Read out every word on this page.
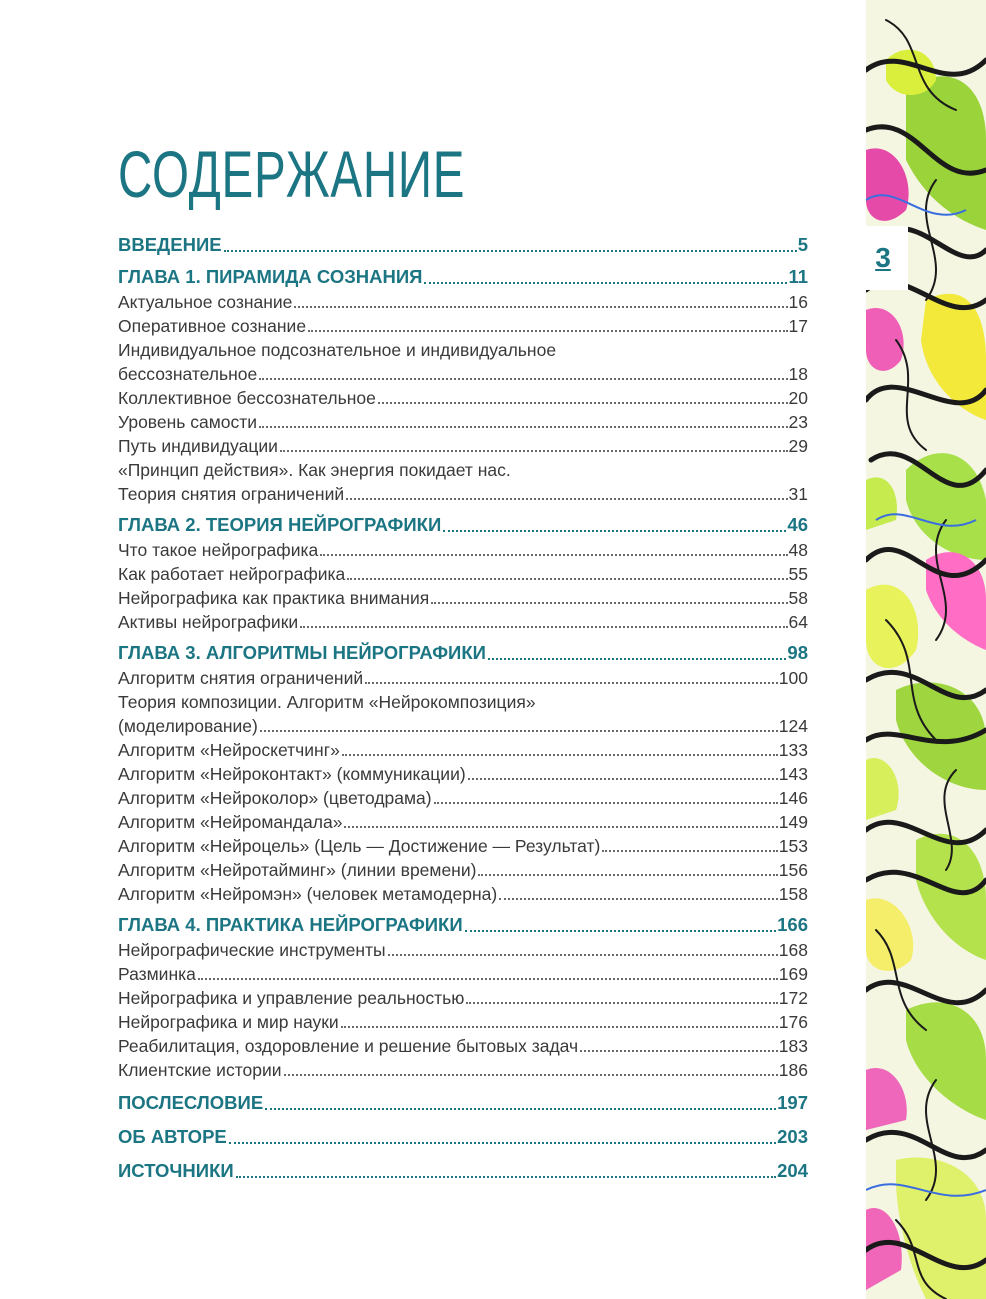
3
СОДЕРЖАНИЕ
ВВЕДЕНИЕ	5
ГЛАВА 1. ПИРАМИДА СОЗНАНИЯ	11
Актуальное сознание	16
Оперативное сознание	17
Индивидуальное подсознательное и индивидуальное
бессознательное	18
Коллективное бессознательное	20
Уровень самости	23
Путь индивидуации	29
«Принцип действия». Как энергия покидает нас.
Теория снятия ограничений	31
ГЛАВА 2. ТЕОРИЯ НЕЙРОГРАФИКИ	46
Что такое нейрографика	48
Как работает нейрографика	55
Нейрографика как практика внимания	58
Активы нейрографики	64
ГЛАВА 3. АЛГОРИТМЫ НЕЙРОГРАФИКИ	98
Алгоритм снятия ограничений	100
Теория композиции. Алгоритм «Нейрокомпозиция»
(моделирование)	124
Алгоритм «Нейроскетчинг»	133
Алгоритм «Нейроконтакт» (коммуникации)	143
Алгоритм «Нейроколор» (цветодрама)	146
Алгоритм «Нейромандала»	149
Алгоритм «Нейроцель» (Цель — Достижение — Результат)	153
Алгоритм «Нейротайминг» (линии времени)	156
Алгоритм «Нейромэн» (человек метамодерна)	158
ГЛАВА 4. ПРАКТИКА НЕЙРОГРАФИКИ	166
Нейрографические инструменты	168
Разминка	169
Нейрографика и управление реальностью	172
Нейрографика и мир науки	176
Реабилитация, оздоровление и решение бытовых задач	183
Клиентские истории	186
ПОСЛЕСЛОВИЕ	197
ОБ АВТОРЕ	203
ИСТОЧНИКИ	204
